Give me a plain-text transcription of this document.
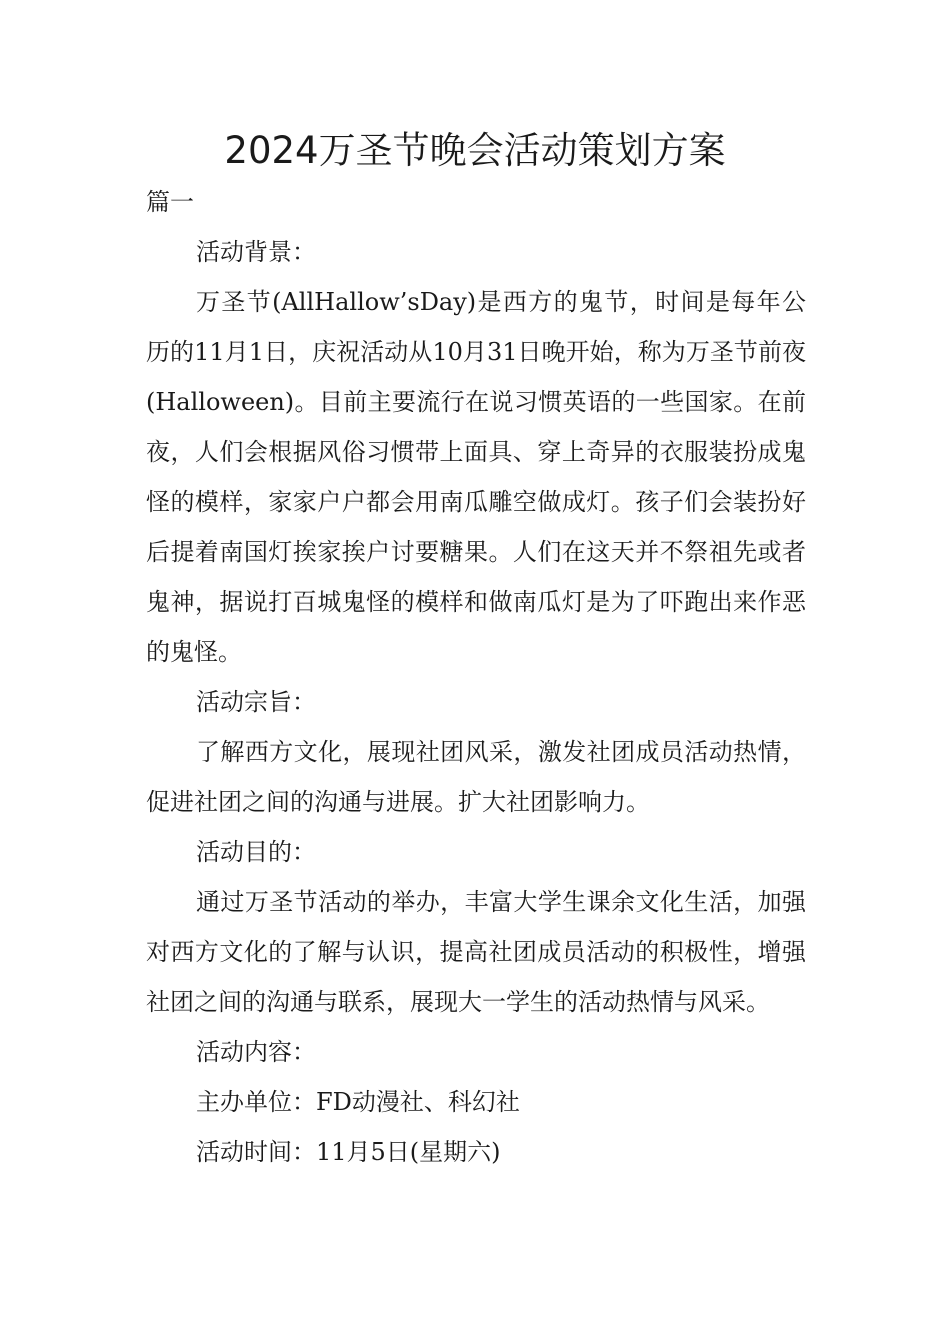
2024万圣节晚会活动策划方案

篇一

活动背景：

万圣节(AllHallow’sDay)是西方的鬼节，时间是每年公历的11月1日，庆祝活动从10月31日晚开始，称为万圣节前夜(Halloween)。目前主要流行在说习惯英语的一些国家。在前夜，人们会根据风俗习惯带上面具、穿上奇异的衣服装扮成鬼怪的模样，家家户户都会用南瓜雕空做成灯。孩子们会装扮好后提着南国灯挨家挨户讨要糖果。人们在这天并不祭祖先或者鬼神，据说打百城鬼怪的模样和做南瓜灯是为了吓跑出来作恶的鬼怪。

活动宗旨：

了解西方文化，展现社团风采，激发社团成员活动热情，促进社团之间的沟通与进展。扩大社团影响力。

活动目的：

通过万圣节活动的举办，丰富大学生课余文化生活，加强对西方文化的了解与认识，提高社团成员活动的积极性，增强社团之间的沟通与联系，展现大一学生的活动热情与风采。

活动内容：

主办单位：FD动漫社、科幻社

活动时间：11月5日(星期六)
